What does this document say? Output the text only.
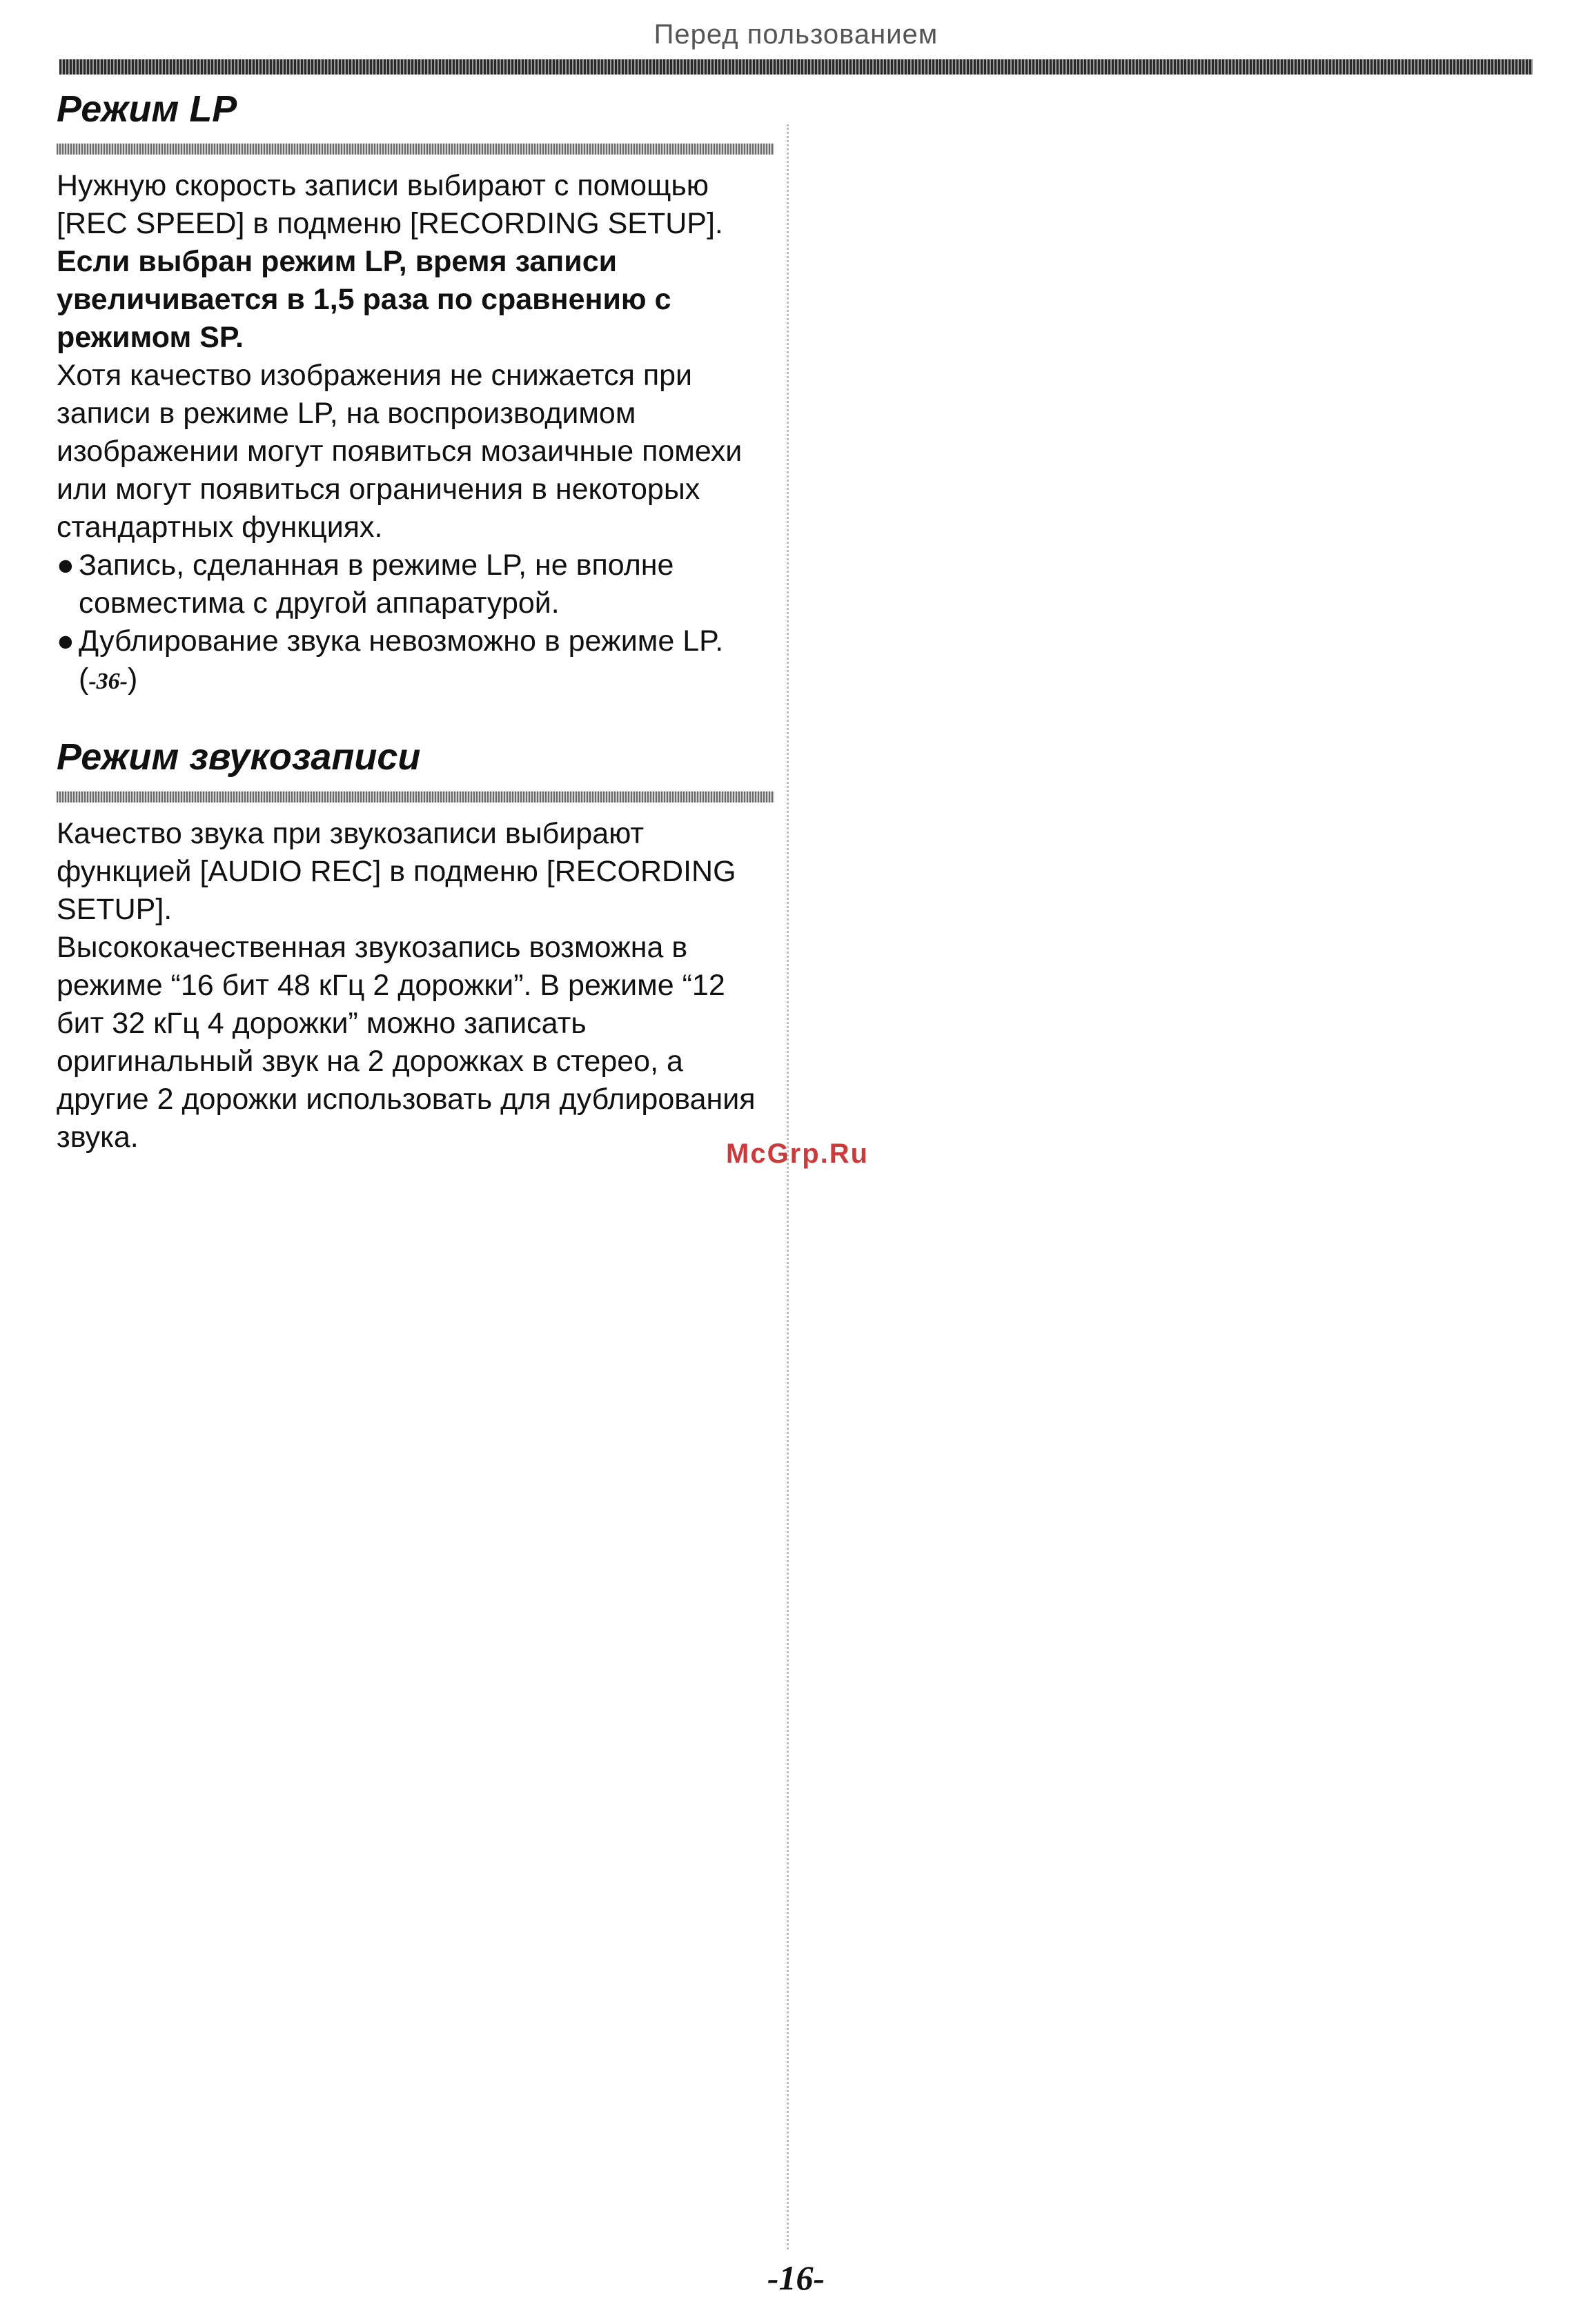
Перед пользованием
Режим LP

Нужную скорость записи выбирают с помощью [REC SPEED] в подменю [RECORDING SETUP].

Если выбран режим LP, время записи увеличивается в 1,5 раза по сравнению с режимом SP.

Хотя качество изображения не снижается при записи в режиме LP, на воспроизводимом изображении могут появиться мозаичные помехи или могут появиться ограничения в некоторых стандартных функциях.

● Запись, сделанная в режиме LP, не вполне совместима с другой аппаратурой.
● Дублирование звука невозможно в режиме LP. (-36-)
Режим звукозаписи

Качество звука при звукозаписи выбирают функцией [AUDIO REC] в подменю [RECORDING SETUP].

Высококачественная звукозапись возможна в режиме “16 бит 48 кГц 2 дорожки”. В режиме “12 бит 32 кГц 4 дорожки” можно записать оригинальный звук на 2 дорожках в стерео, а другие 2 дорожки использовать для дублирования звука.	McGrp.Ru
-16-
